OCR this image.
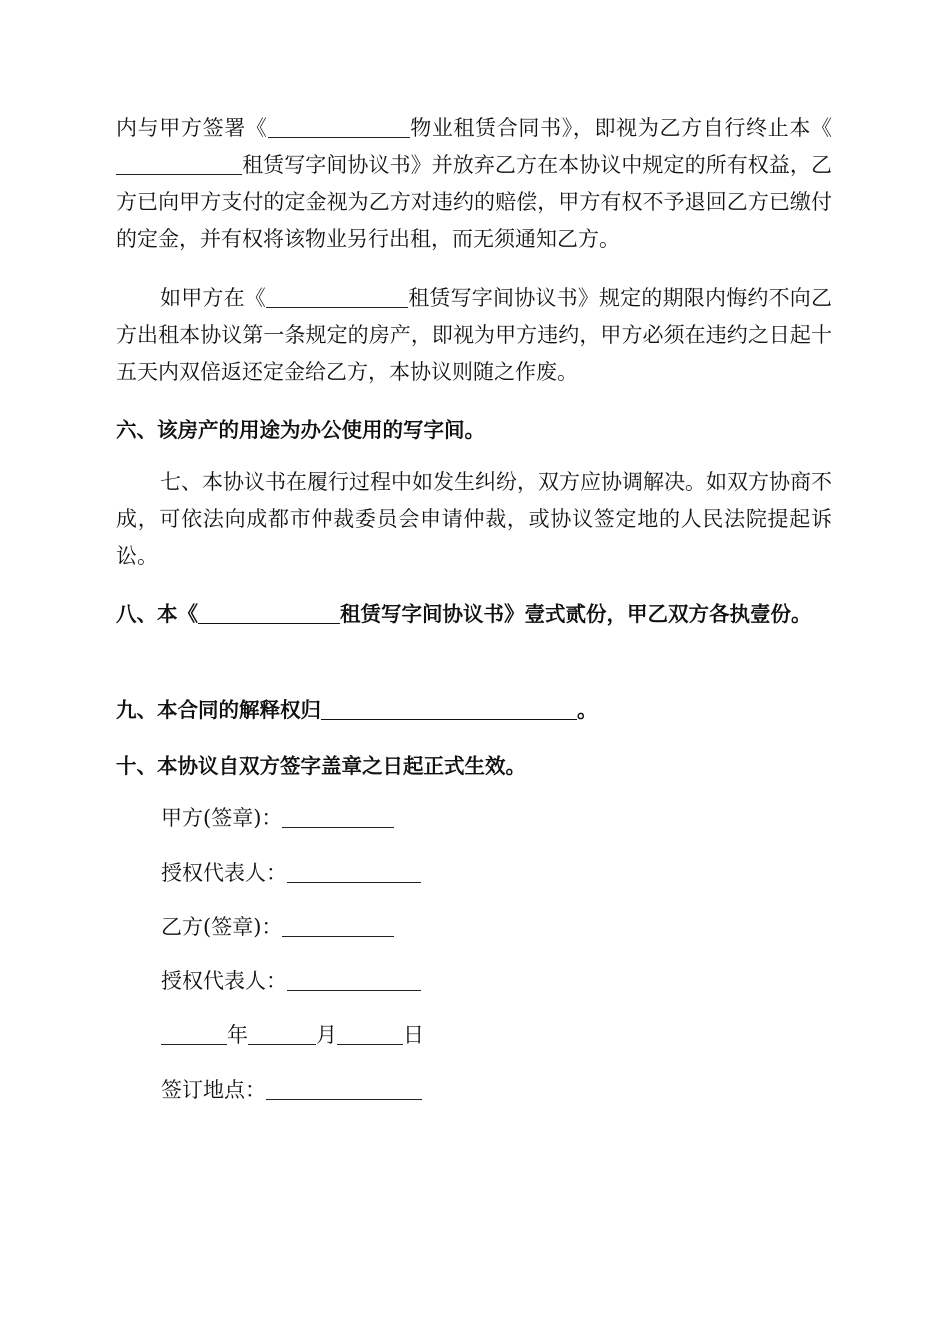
内与甲方签署《	物业租赁合同书》，即视为乙方自行终止本《租赁写字间协议书》并放弃乙方在本协议中规定的所有权益，乙方已向甲方支付的定金视为乙方对违约的赔偿，甲方有权不予退回乙方已缴付的定金，并有权将该物业另行出租，而无须通知乙方。

如甲方在《	租赁写字间协议书》规定的期限内悔约不向乙方出租本协议第一条规定的房产，即视为甲方违约，甲方必须在违约之日起十五天内双倍返还定金给乙方，本协议则随之作废。

六、该房产的用途为办公使用的写字间。

七、本协议书在履行过程中如发生纠纷，双方应协调解决。如双方协商不成，可依法向成都市仲裁委员会申请仲裁，或协议签定地的人民法院提起诉讼。

八、本《	租赁写字间协议书》壹式贰份，甲乙双方各执壹份。

九、本合同的解释权归	。

十、本协议自双方签字盖章之日起正式生效。

甲方(签章)：
授权代表人：
乙方(签章)：
授权代表人：
年	月	日
签订地点：
